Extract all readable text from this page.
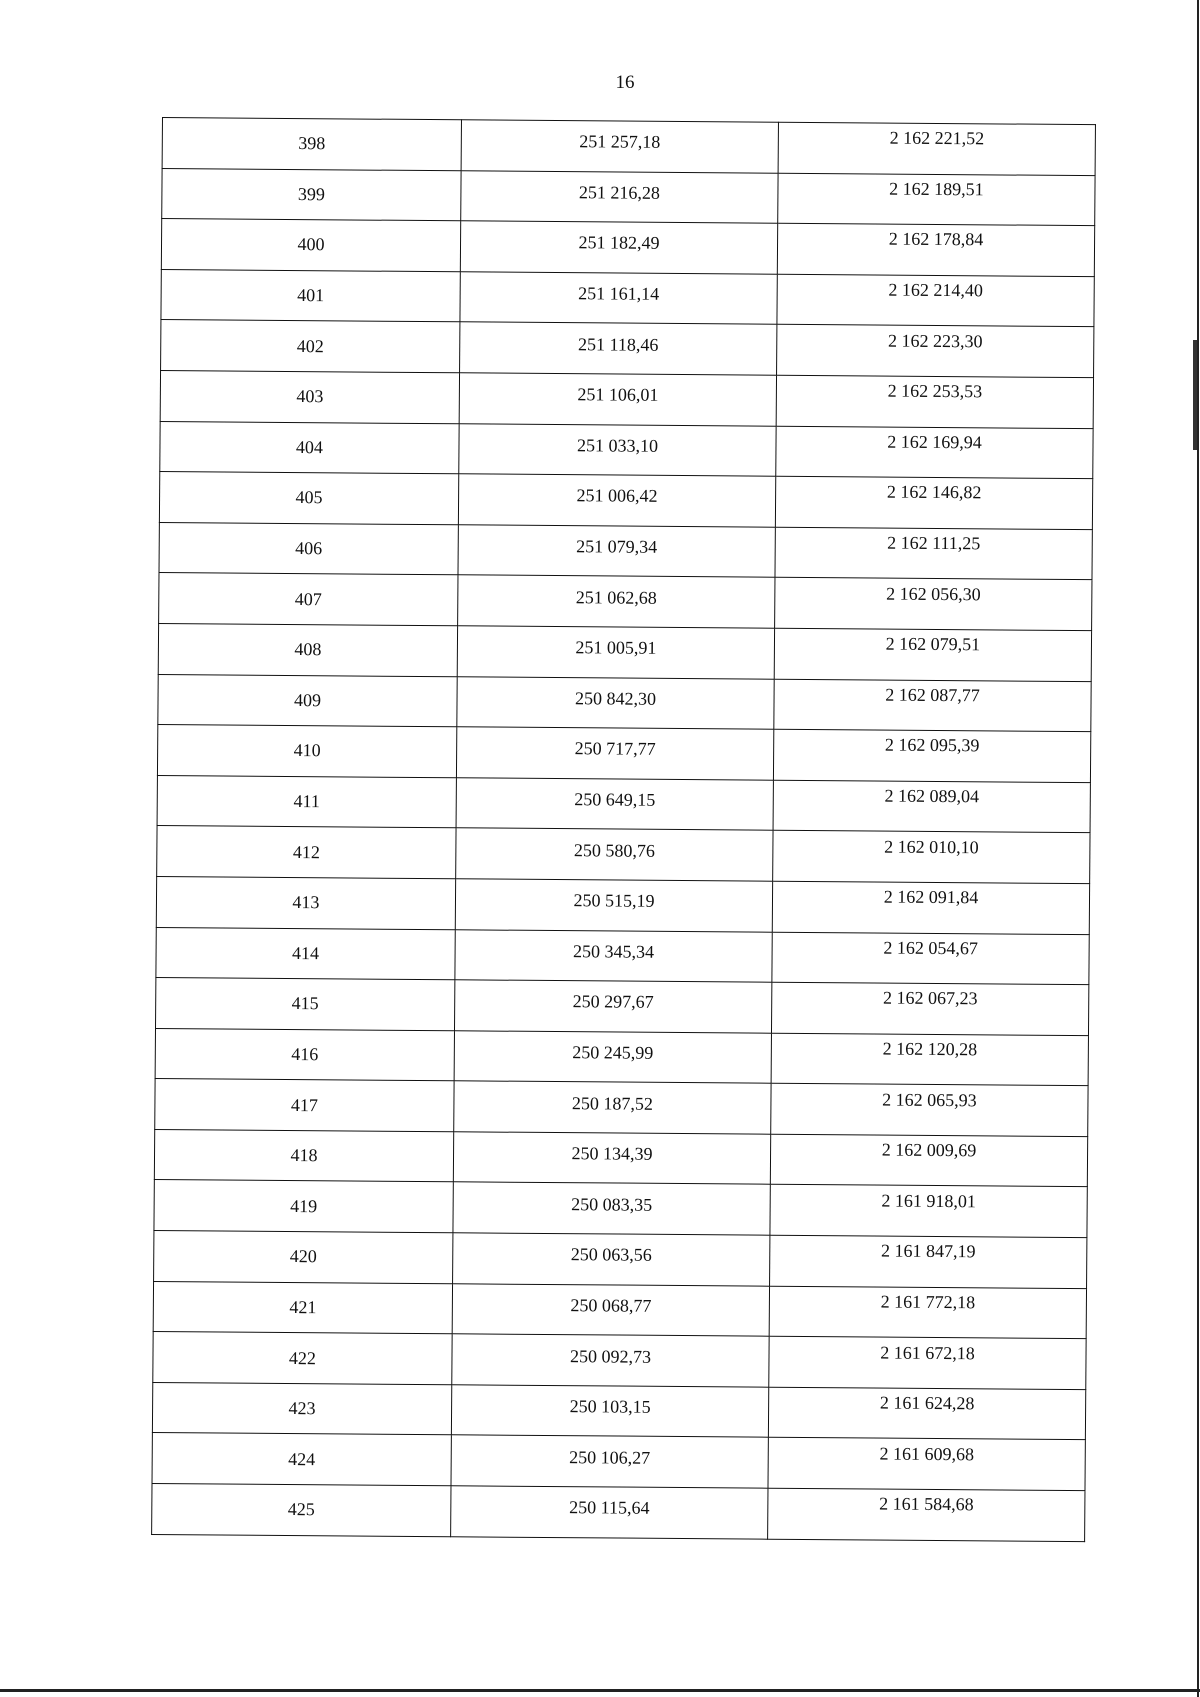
16
398	251 257,18	2 162 221,52
399	251 216,28	2 162 189,51
400	251 182,49	2 162 178,84
401	251 161,14	2 162 214,40
402	251 118,46	2 162 223,30
403	251 106,01	2 162 253,53
404	251 033,10	2 162 169,94
405	251 006,42	2 162 146,82
406	251 079,34	2 162 111,25
407	251 062,68	2 162 056,30
408	251 005,91	2 162 079,51
409	250 842,30	2 162 087,77
410	250 717,77	2 162 095,39
411	250 649,15	2 162 089,04
412	250 580,76	2 162 010,10
413	250 515,19	2 162 091,84
414	250 345,34	2 162 054,67
415	250 297,67	2 162 067,23
416	250 245,99	2 162 120,28
417	250 187,52	2 162 065,93
418	250 134,39	2 162 009,69
419	250 083,35	2 161 918,01
420	250 063,56	2 161 847,19
421	250 068,77	2 161 772,18
422	250 092,73	2 161 672,18
423	250 103,15	2 161 624,28
424	250 106,27	2 161 609,68
425	250 115,64	2 161 584,68
